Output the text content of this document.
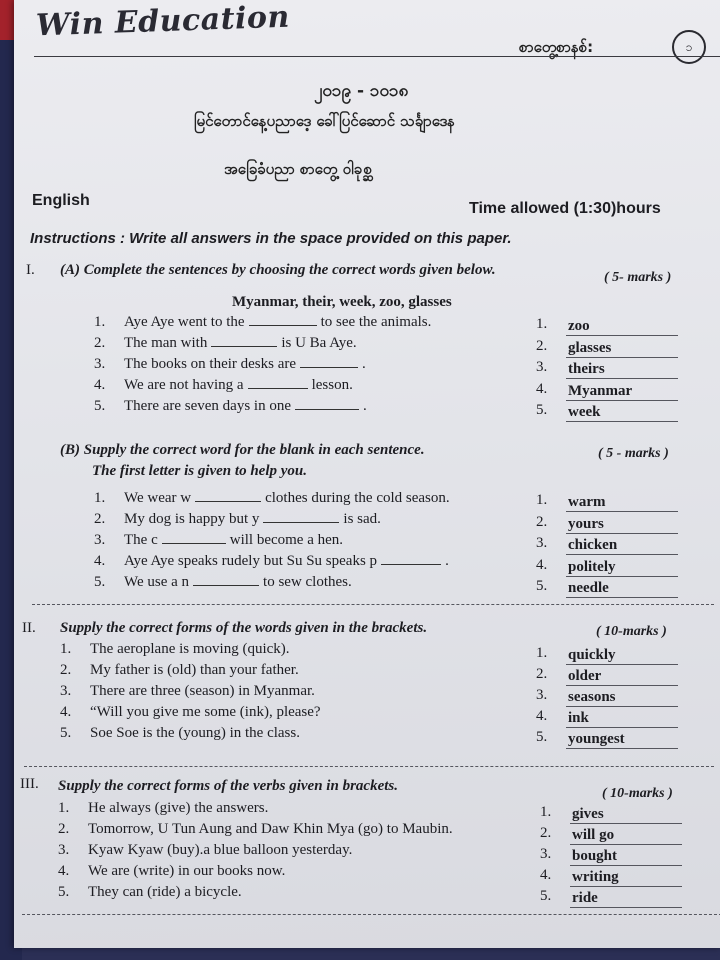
Win Education
စာတွေ့စာနစ်:	၁
၂၀၁၉ - ၁၀၁၈
မြင်တောင်နေ့ပညာဒေ့ ခေါ်ပြင်ဆောင် သင်္ချာဒေန
အခြေခံပညာ စာတွေ့ ဝါခုစ္ဆ
English	Time allowed (1:30)hours
Instructions : Write all answers in the space provided on this paper.
I. (A) Complete the sentences by choosing the correct words given below.	( 5- marks )
Myanmar, their, week, zoo, glasses
(B) Supply the correct word for the blank in each sentence.	( 5 - marks )
The first letter is given to help you.
II. Supply the correct forms of the words given in the brackets.	( 10-marks )
III. Supply the correct forms of the verbs given in brackets.	( 10-marks )
1. Aye Aye went to the	to see the animals.	1. zoo
2. The man with	is U Ba Aye.	2. glasses
3. The books on their desks are	.	3. theirs
4. We are not having a	lesson.	4. Myanmar
5. There are seven days in one	.	5. week
1. We wear w	clothes during the cold season.	1. warm
2. My dog is happy but y	is sad.	2. yours
3. The c	will become a hen.	3. chicken
4. Aye Aye speaks rudely but Su Su speaks p	.	4. politely
5. We use a n	to sew clothes.	5. needle
1. The aeroplane is moving (quick).	1. quickly
2. My father is (old) than your father.	2. older
3. There are three (season) in Myanmar.	3. seasons
4. “Will you give me some (ink), please?	4. ink
5. Soe Soe is the (young) in the class.	5. youngest
1. He always (give) the answers.	1. gives
2. Tomorrow, U Tun Aung and Daw Khin Mya (go) to Maubin.	2. will go
3. Kyaw Kyaw (buy).a blue balloon yesterday.	3. bought
4. We are (write) in our books now.	4. writing
5. They can (ride) a bicycle.	5. ride
